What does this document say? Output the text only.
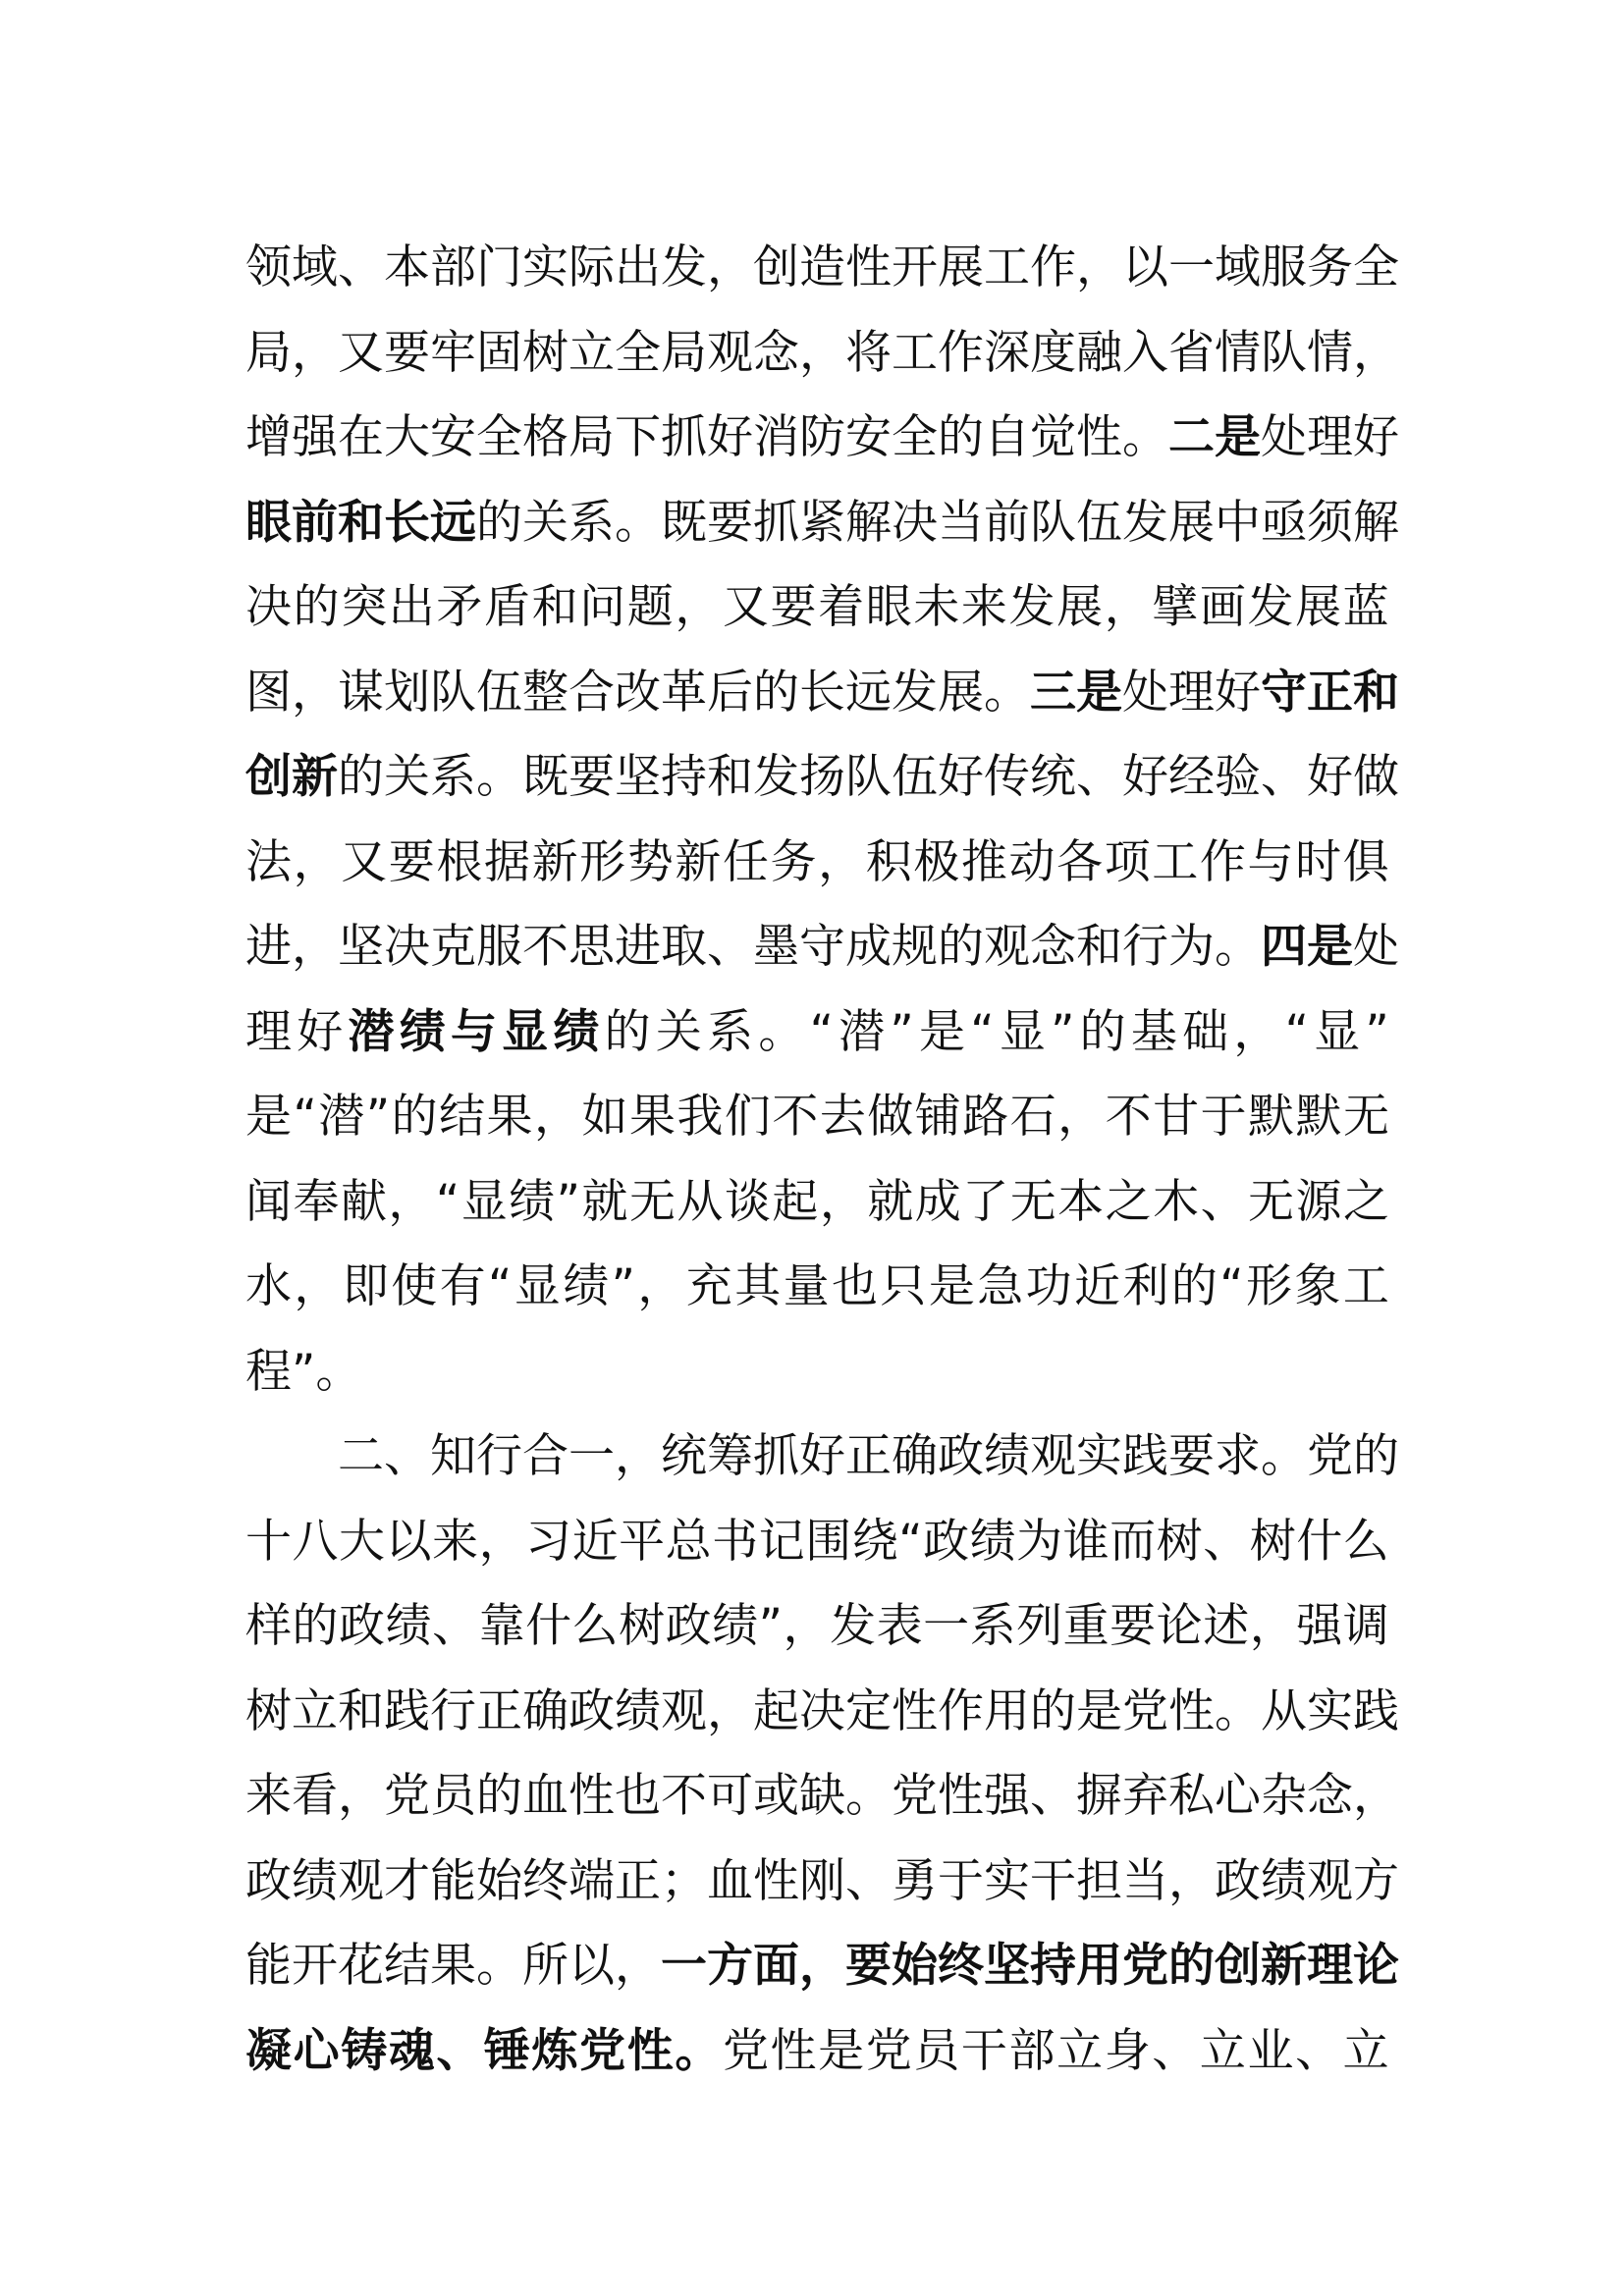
领 域 、 本 部 门 实 际 出 发 ， 创 造 性 开 展 工 作 ， 以 一 域 服 务 全
局 ， 又 要 牢 固 树 立 全 局 观 念 ， 将 工 作 深 度 融 入 省 情 队 情 ，
增 强 在 大 安 全 格 局 下 抓 好 消 防 安 全 的 自 觉 性 。 二 是 处 理 好
眼 前 和 长 远 的 关 系 。 既 要 抓 紧 解 决 当 前 队 伍 发 展 中 亟 须 解
决 的 突 出 矛 盾 和 问 题 ， 又 要 着 眼 未 来 发 展 ， 擘 画 发 展 蓝
图 ， 谋 划 队 伍 整 合 改 革 后 的 长 远 发 展 。 三 是 处 理 好 守 正 和
创 新 的 关 系 。 既 要 坚 持 和 发 扬 队 伍 好 传 统 、 好 经 验 、 好 做
法 ， 又 要 根 据 新 形 势 新 任 务 ， 积 极 推 动 各 项 工 作 与 时 俱
进 ， 坚 决 克 服 不 思 进 取 、 墨 守 成 规 的 观 念 和 行 为 。 四 是 处
理 好 潜 绩 与 显 绩 的 关 系 。 “ 潜 ” 是 “ 显 ” 的 基 础 ， “ 显 ”
是 “ 潜 ” 的 结 果 ， 如 果 我 们 不 去 做 铺 路 石 ， 不 甘 于 默 默 无
闻 奉 献 ， “ 显 绩 ” 就 无 从 谈 起 ， 就 成 了 无 本 之 木 、 无 源 之
水 ， 即 使 有 “ 显 绩 ” ， 充 其 量 也 只 是 急 功 近 利 的 “ 形 象 工
程 ” 。
二 、 知 行 合 一 ， 统 筹 抓 好 正 确 政 绩 观 实 践 要 求 。 党 的
十 八 大 以 来 ， 习 近 平 总 书 记 围 绕 “ 政 绩 为 谁 而 树 、 树 什 么
样 的 政 绩 、 靠 什 么 树 政 绩 ” ， 发 表 一 系 列 重 要 论 述 ， 强 调
树 立 和 践 行 正 确 政 绩 观 ， 起 决 定 性 作 用 的 是 党 性 。 从 实 践
来 看 ， 党 员 的 血 性 也 不 可 或 缺 。 党 性 强 、 摒 弃 私 心 杂 念 ，
政 绩 观 才 能 始 终 端 正 ； 血 性 刚 、 勇 于 实 干 担 当 ， 政 绩 观 方
能 开 花 结 果 。 所 以 ， 一 方 面 ， 要 始 终 坚 持 用 党 的 创 新 理 论
凝 心 铸 魂 、 锤 炼 党 性 。 党 性 是 党 员 干 部 立 身 、 立 业 、 立
